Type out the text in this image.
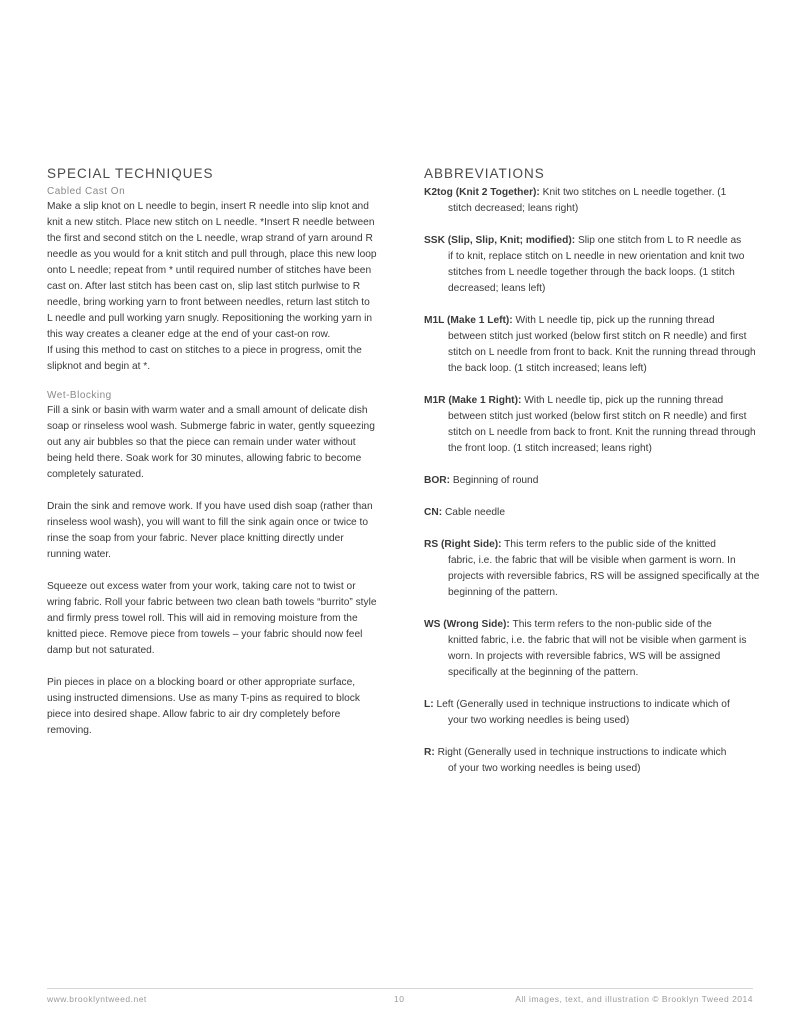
SPECIAL TECHNIQUES
Cabled Cast On

Make a slip knot on L needle to begin, insert R needle into slip knot and knit a new stitch. Place new stitch on L needle. *Insert R needle between the first and second stitch on the L needle, wrap strand of yarn around R needle as you would for a knit stitch and pull through, place this new loop onto L needle; repeat from * until required number of stitches have been cast on. After last stitch has been cast on, slip last stitch purlwise to R needle, bring working yarn to front between needles, return last stitch to L needle and pull working yarn snugly. Repositioning the working yarn in this way creates a cleaner edge at the end of your cast-on row.

If using this method to cast on stitches to a piece in progress, omit the slipknot and begin at *.

Wet-Blocking

Fill a sink or basin with warm water and a small amount of delicate dish soap or rinseless wool wash. Submerge fabric in water, gently squeezing out any air bubbles so that the piece can remain under water without being held there. Soak work for 30 minutes, allowing fabric to become completely saturated.

Drain the sink and remove work. If you have used dish soap (rather than rinseless wool wash), you will want to fill the sink again once or twice to rinse the soap from your fabric. Never place knitting directly under running water.

Squeeze out excess water from your work, taking care not to twist or wring fabric. Roll your fabric between two clean bath towels “burrito” style and firmly press towel roll. This will aid in removing moisture from the knitted piece. Remove piece from towels – your fabric should now feel damp but not saturated.

Pin pieces in place on a blocking board or other appropriate surface, using instructed dimensions. Use as many T-pins as required to block piece into desired shape. Allow fabric to air dry completely before removing.

ABBREVIATIONS
K2tog (Knit 2 Together): Knit two stitches on L needle together. (1
stitch decreased; leans right)
SSK (Slip, Slip, Knit; modified): Slip one stitch from L to R needle as
if to knit, replace stitch on L needle in new orientation and knit two stitches from L needle together through the back loops. (1 stitch decreased; leans left)
M1L (Make 1 Left): With L needle tip, pick up the running thread
between stitch just worked (below first stitch on R needle) and first stitch on L needle from front to back. Knit the running thread through the back loop. (1 stitch increased; leans left)
M1R (Make 1 Right): With L needle tip, pick up the running thread
between stitch just worked (below first stitch on R needle) and first stitch on L needle from back to front. Knit the running thread through the front loop. (1 stitch increased; leans right)
BOR: Beginning of round
CN: Cable needle
RS (Right Side): This term refers to the public side of the knitted
fabric, i.e. the fabric that will be visible when garment is worn. In projects with reversible fabrics, RS will be assigned specifically at the beginning of the pattern.
WS (Wrong Side): This term refers to the non-public side of the
knitted fabric, i.e. the fabric that will not be visible when garment is worn. In projects with reversible fabrics, WS will be assigned specifically at the beginning of the pattern.
L: Left (Generally used in technique instructions to indicate which of
your two working needles is being used)
R: Right (Generally used in technique instructions to indicate which
of your two working needles is being used)
www.brooklyntweed.net	10	All images, text, and illustration © Brooklyn Tweed 2014
